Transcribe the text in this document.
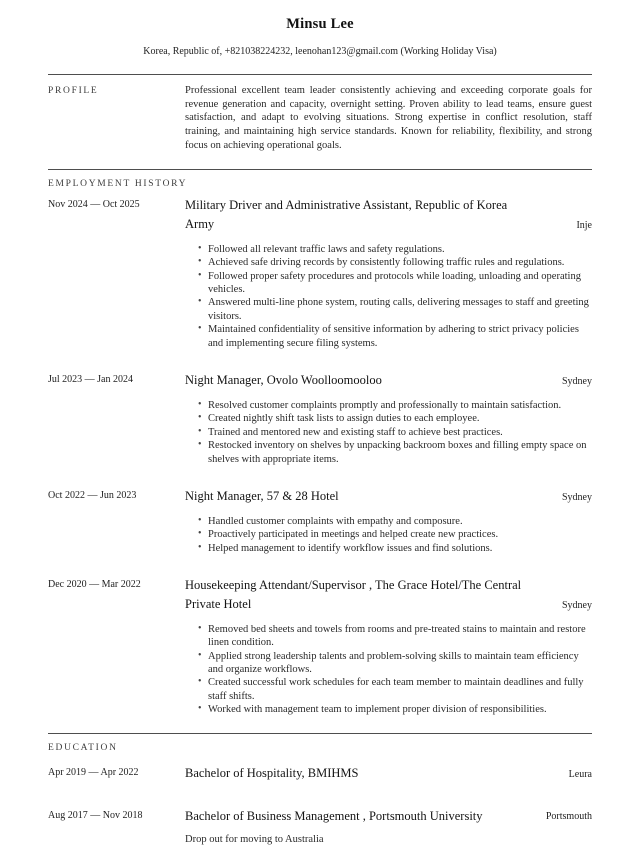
Minsu Lee

Korea, Republic of, +821038224232, leenohan123@gmail.com (Working Holiday Visa)

PROFILE	Professional excellent team leader consistently achieving and exceeding corporate goals for revenue generation and capacity, overnight setting. Proven ability to lead teams, ensure guest satisfaction, and adapt to evolving situations. Strong expertise in conflict resolution, staff training, and maintaining high service standards. Known for reliability, flexibility, and strong focus on achieving operational goals.

EMPLOYMENT HISTORY
Nov 2024 — Oct 2025	Military Driver and Administrative Assistant, Republic of Korea Army	Inje
• Followed all relevant traffic laws and safety regulations.
• Achieved safe driving records by consistently following traffic rules and regulations.
• Followed proper safety procedures and protocols while loading, unloading and operating vehicles.
• Answered multi-line phone system, routing calls, delivering messages to staff and greeting visitors.
• Maintained confidentiality of sensitive information by adhering to strict privacy policies and implementing secure filing systems.
Jul 2023 — Jan 2024	Night Manager, Ovolo Woolloomooloo	Sydney
• Resolved customer complaints promptly and professionally to maintain satisfaction.
• Created nightly shift task lists to assign duties to each employee.
• Trained and mentored new and existing staff to achieve best practices.
• Restocked inventory on shelves by unpacking backroom boxes and filling empty space on shelves with appropriate items.
Oct 2022 — Jun 2023	Night Manager, 57 & 28 Hotel	Sydney
• Handled customer complaints with empathy and composure.
• Proactively participated in meetings and helped create new practices.
• Helped management to identify workflow issues and find solutions.
Dec 2020 — Mar 2022	Housekeeping Attendant/Supervisor , The Grace Hotel/The Central Private Hotel	Sydney
• Removed bed sheets and towels from rooms and pre-treated stains to maintain and restore linen condition.
• Applied strong leadership talents and problem-solving skills to maintain team efficiency and organize workflows.
• Created successful work schedules for each team member to maintain deadlines and fully staff shifts.
• Worked with management team to implement proper division of responsibilities.
EDUCATION
Apr 2019 — Apr 2022	Bachelor of Hospitality, BMIHMS	Leura
Aug 2017 — Nov 2018	Bachelor of Business Management , Portsmouth University	Portsmouth
Drop out for moving to Australia
